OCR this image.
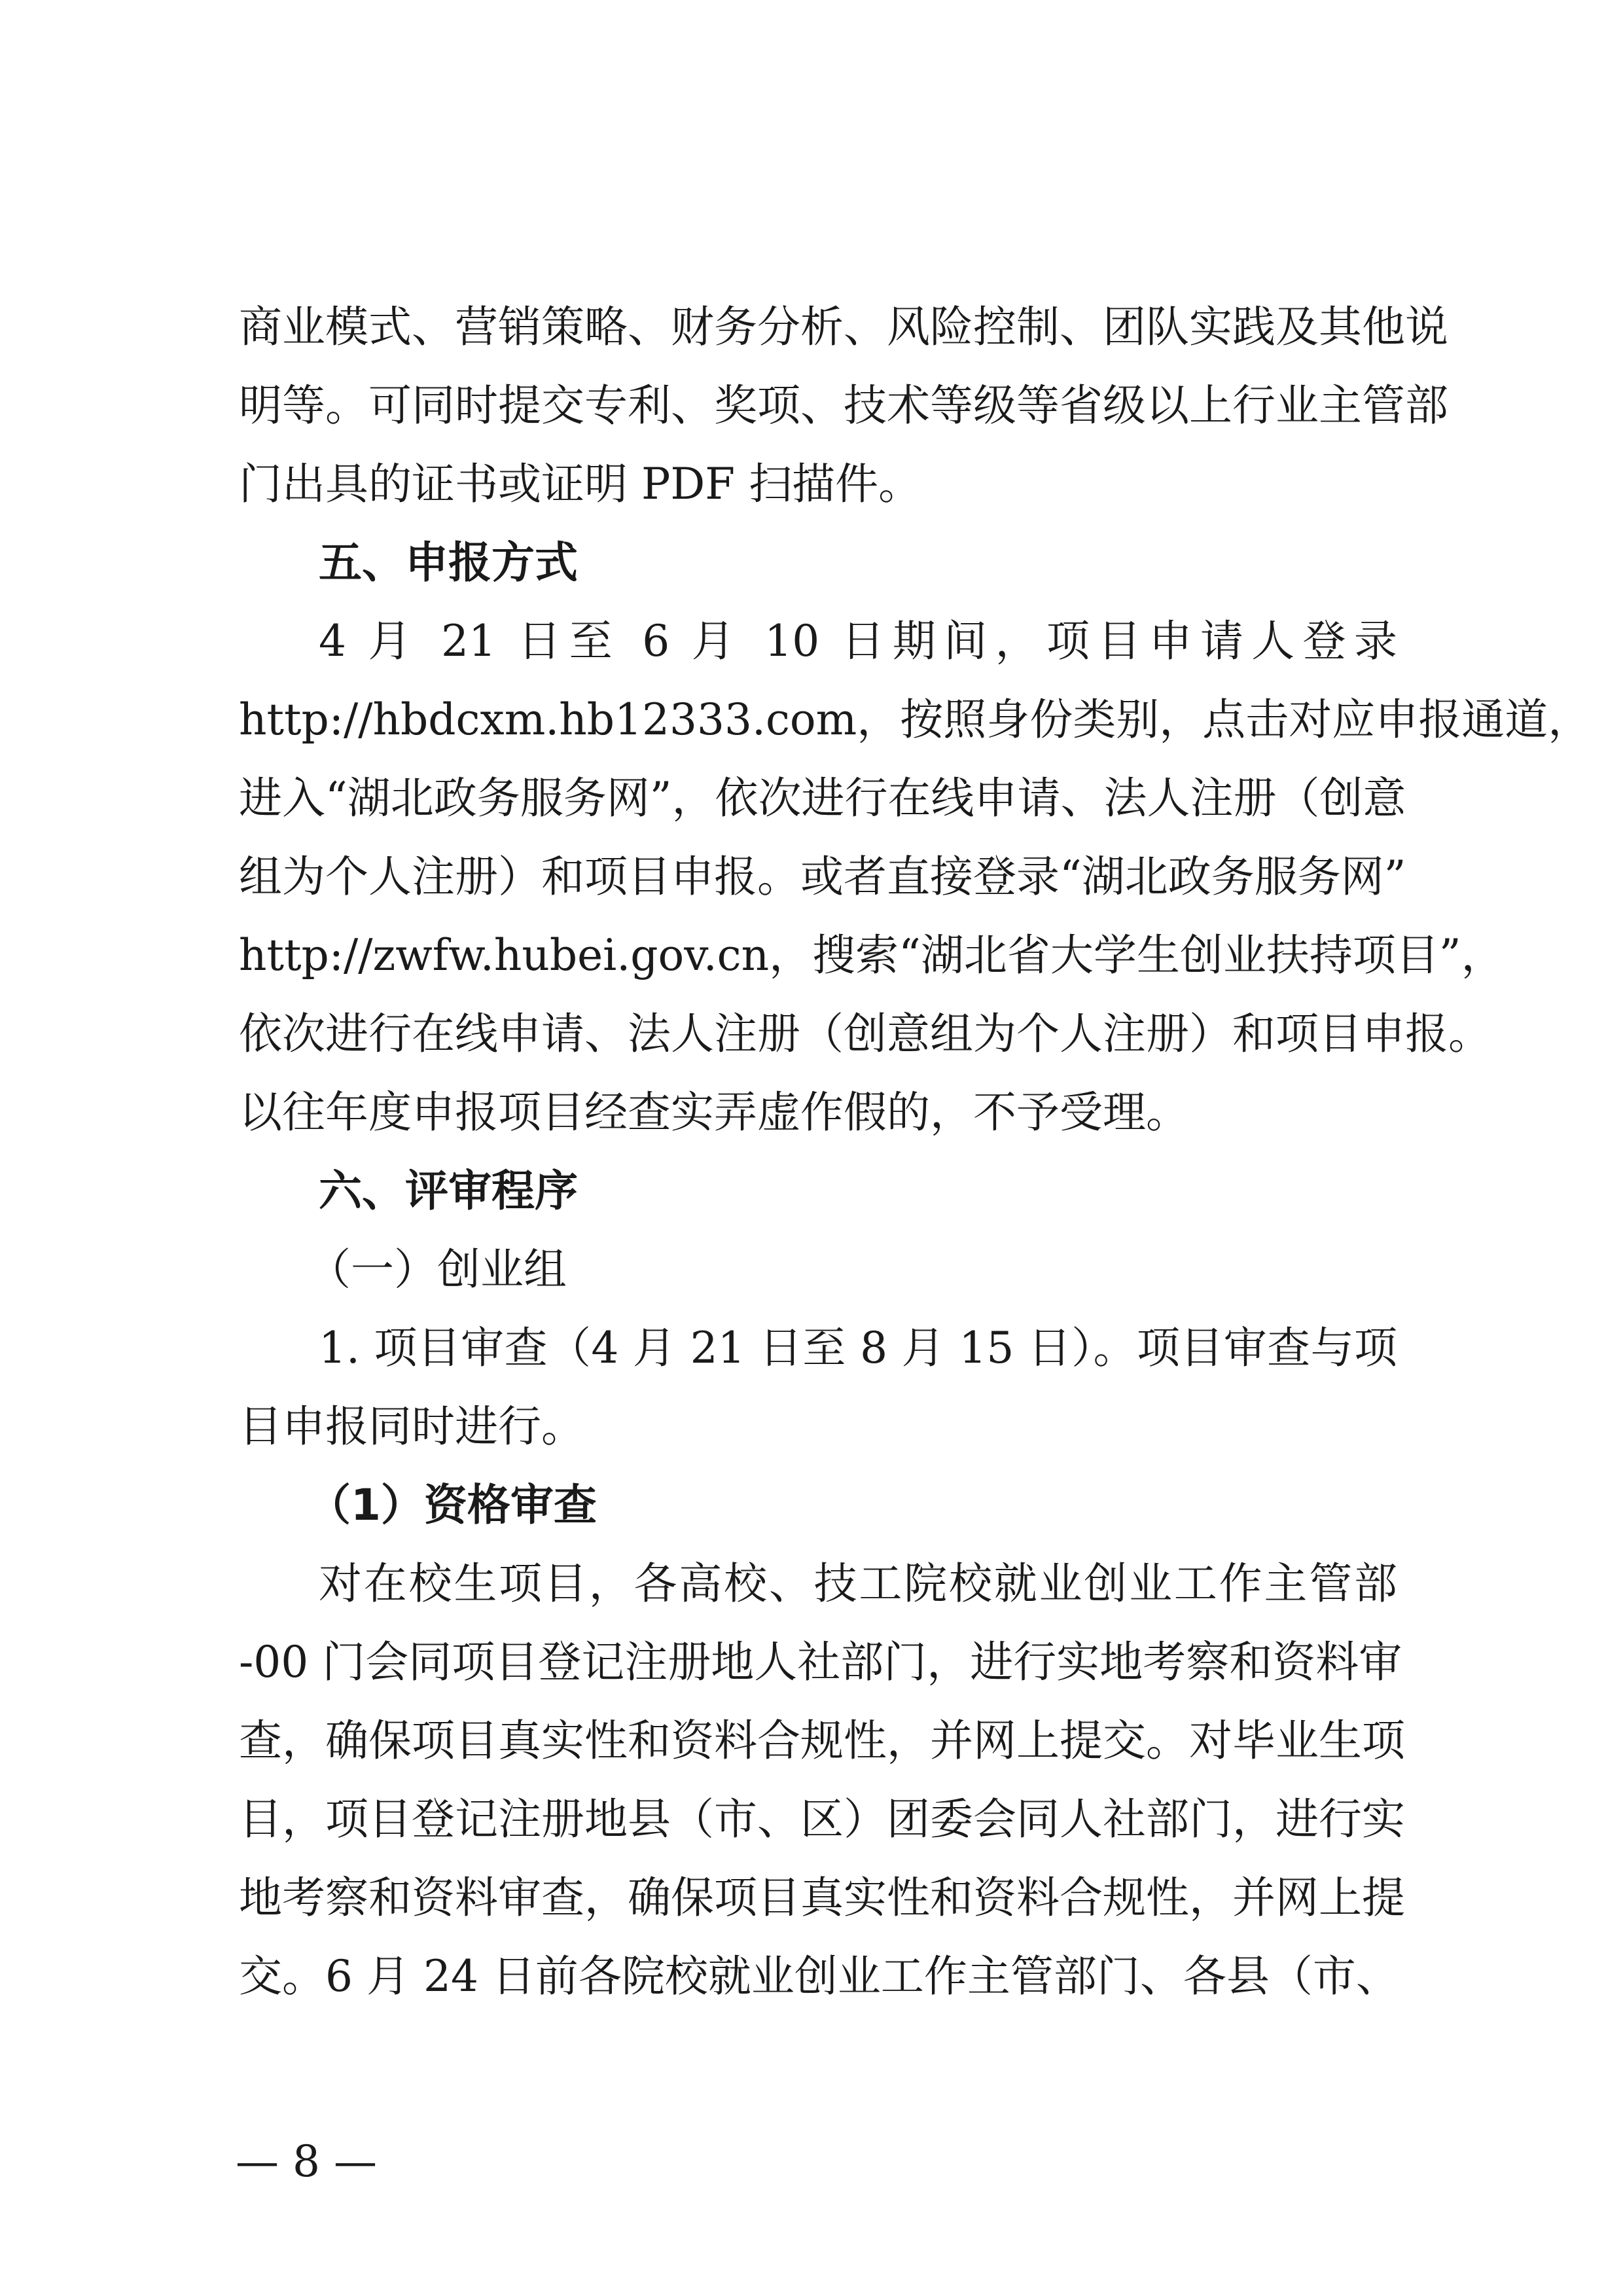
商业模式、营销策略、财务分析、风险控制、团队实践及其他说
明等。可同时提交专利、奖项、技术等级等省级以上行业主管部
门出具的证书或证明 PDF 扫描件。
五、申报方式
4 月 21 日至 6 月 10 日期间，项目申请人登录
http://hbdcxm.hb12333.com，按照身份类别，点击对应申报通道，
进入“湖北政务服务网”，依次进行在线申请、法人注册（创意
组为个人注册）和项目申报。或者直接登录“湖北政务服务网”
http://zwfw.hubei.gov.cn，搜索“湖北省大学生创业扶持项目”，
依次进行在线申请、法人注册（创意组为个人注册）和项目申报。
以往年度申报项目经查实弄虚作假的，不予受理。
六、评审程序
（一）创业组
1. 项目审查（4 月 21 日至 8 月 15 日）。项目审查与项
目申报同时进行。
（1）资格审查
对在校生项目，各高校、技工院校就业创业工作主管部
-00 门会同项目登记注册地人社部门，进行实地考察和资料审
查，确保项目真实性和资料合规性，并网上提交。对毕业生项
目，项目登记注册地县（市、区）团委会同人社部门，进行实
地考察和资料审查，确保项目真实性和资料合规性，并网上提
交。6 月 24 日前各院校就业创业工作主管部门、各县（市、
— 8 —
